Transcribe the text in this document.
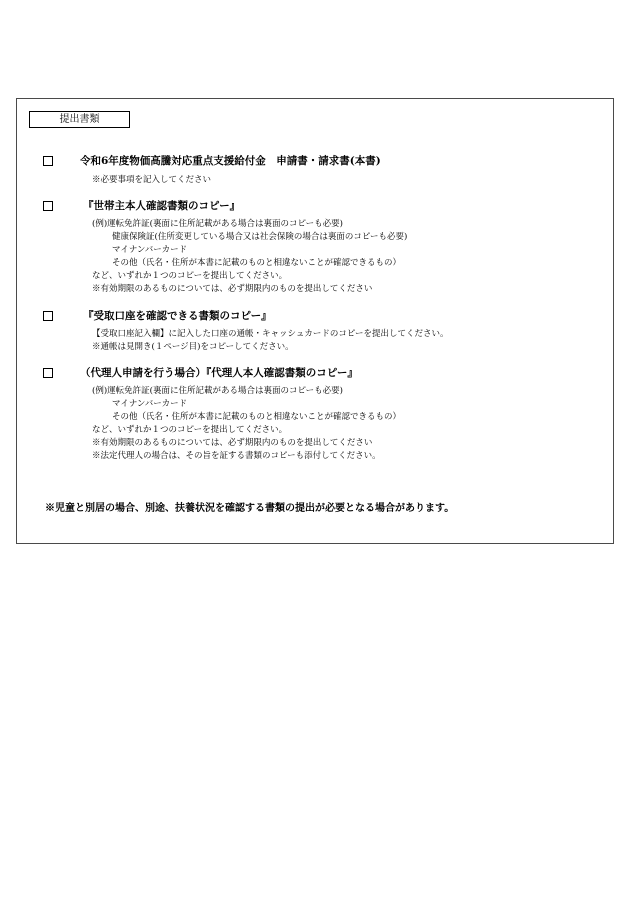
提出書類
令和6年度物価高騰対応重点支援給付金　申請書・請求書(本書)
※必要事項を記入してください
『世帯主本人確認書類のコピー』
(例)運転免許証(裏面に住所記載がある場合は裏面のコピーも必要)
健康保険証(住所変更している場合又は社会保険の場合は裏面のコピーも必要)
マイナンバーカード
その他（氏名・住所が本書に記載のものと相違ないことが確認できるもの）
など、いずれか１つのコピーを提出してください。
※有効期限のあるものについては、必ず期限内のものを提出してください
『受取口座を確認できる書類のコピー』
【受取口座記入欄】に記入した口座の通帳・キャッシュカードのコピーを提出してください。
※通帳は見開き(１ページ目)をコピーしてください。
（代理人申請を行う場合）『代理人本人確認書類のコピー』
(例)運転免許証(裏面に住所記載がある場合は裏面のコピーも必要)
マイナンバーカード
その他（氏名・住所が本書に記載のものと相違ないことが確認できるもの）
など、いずれか１つのコピーを提出してください。
※有効期限のあるものについては、必ず期限内のものを提出してください
※法定代理人の場合は、その旨を証する書類のコピーも添付してください。
※児童と別居の場合、別途、扶養状況を確認する書類の提出が必要となる場合があります。
